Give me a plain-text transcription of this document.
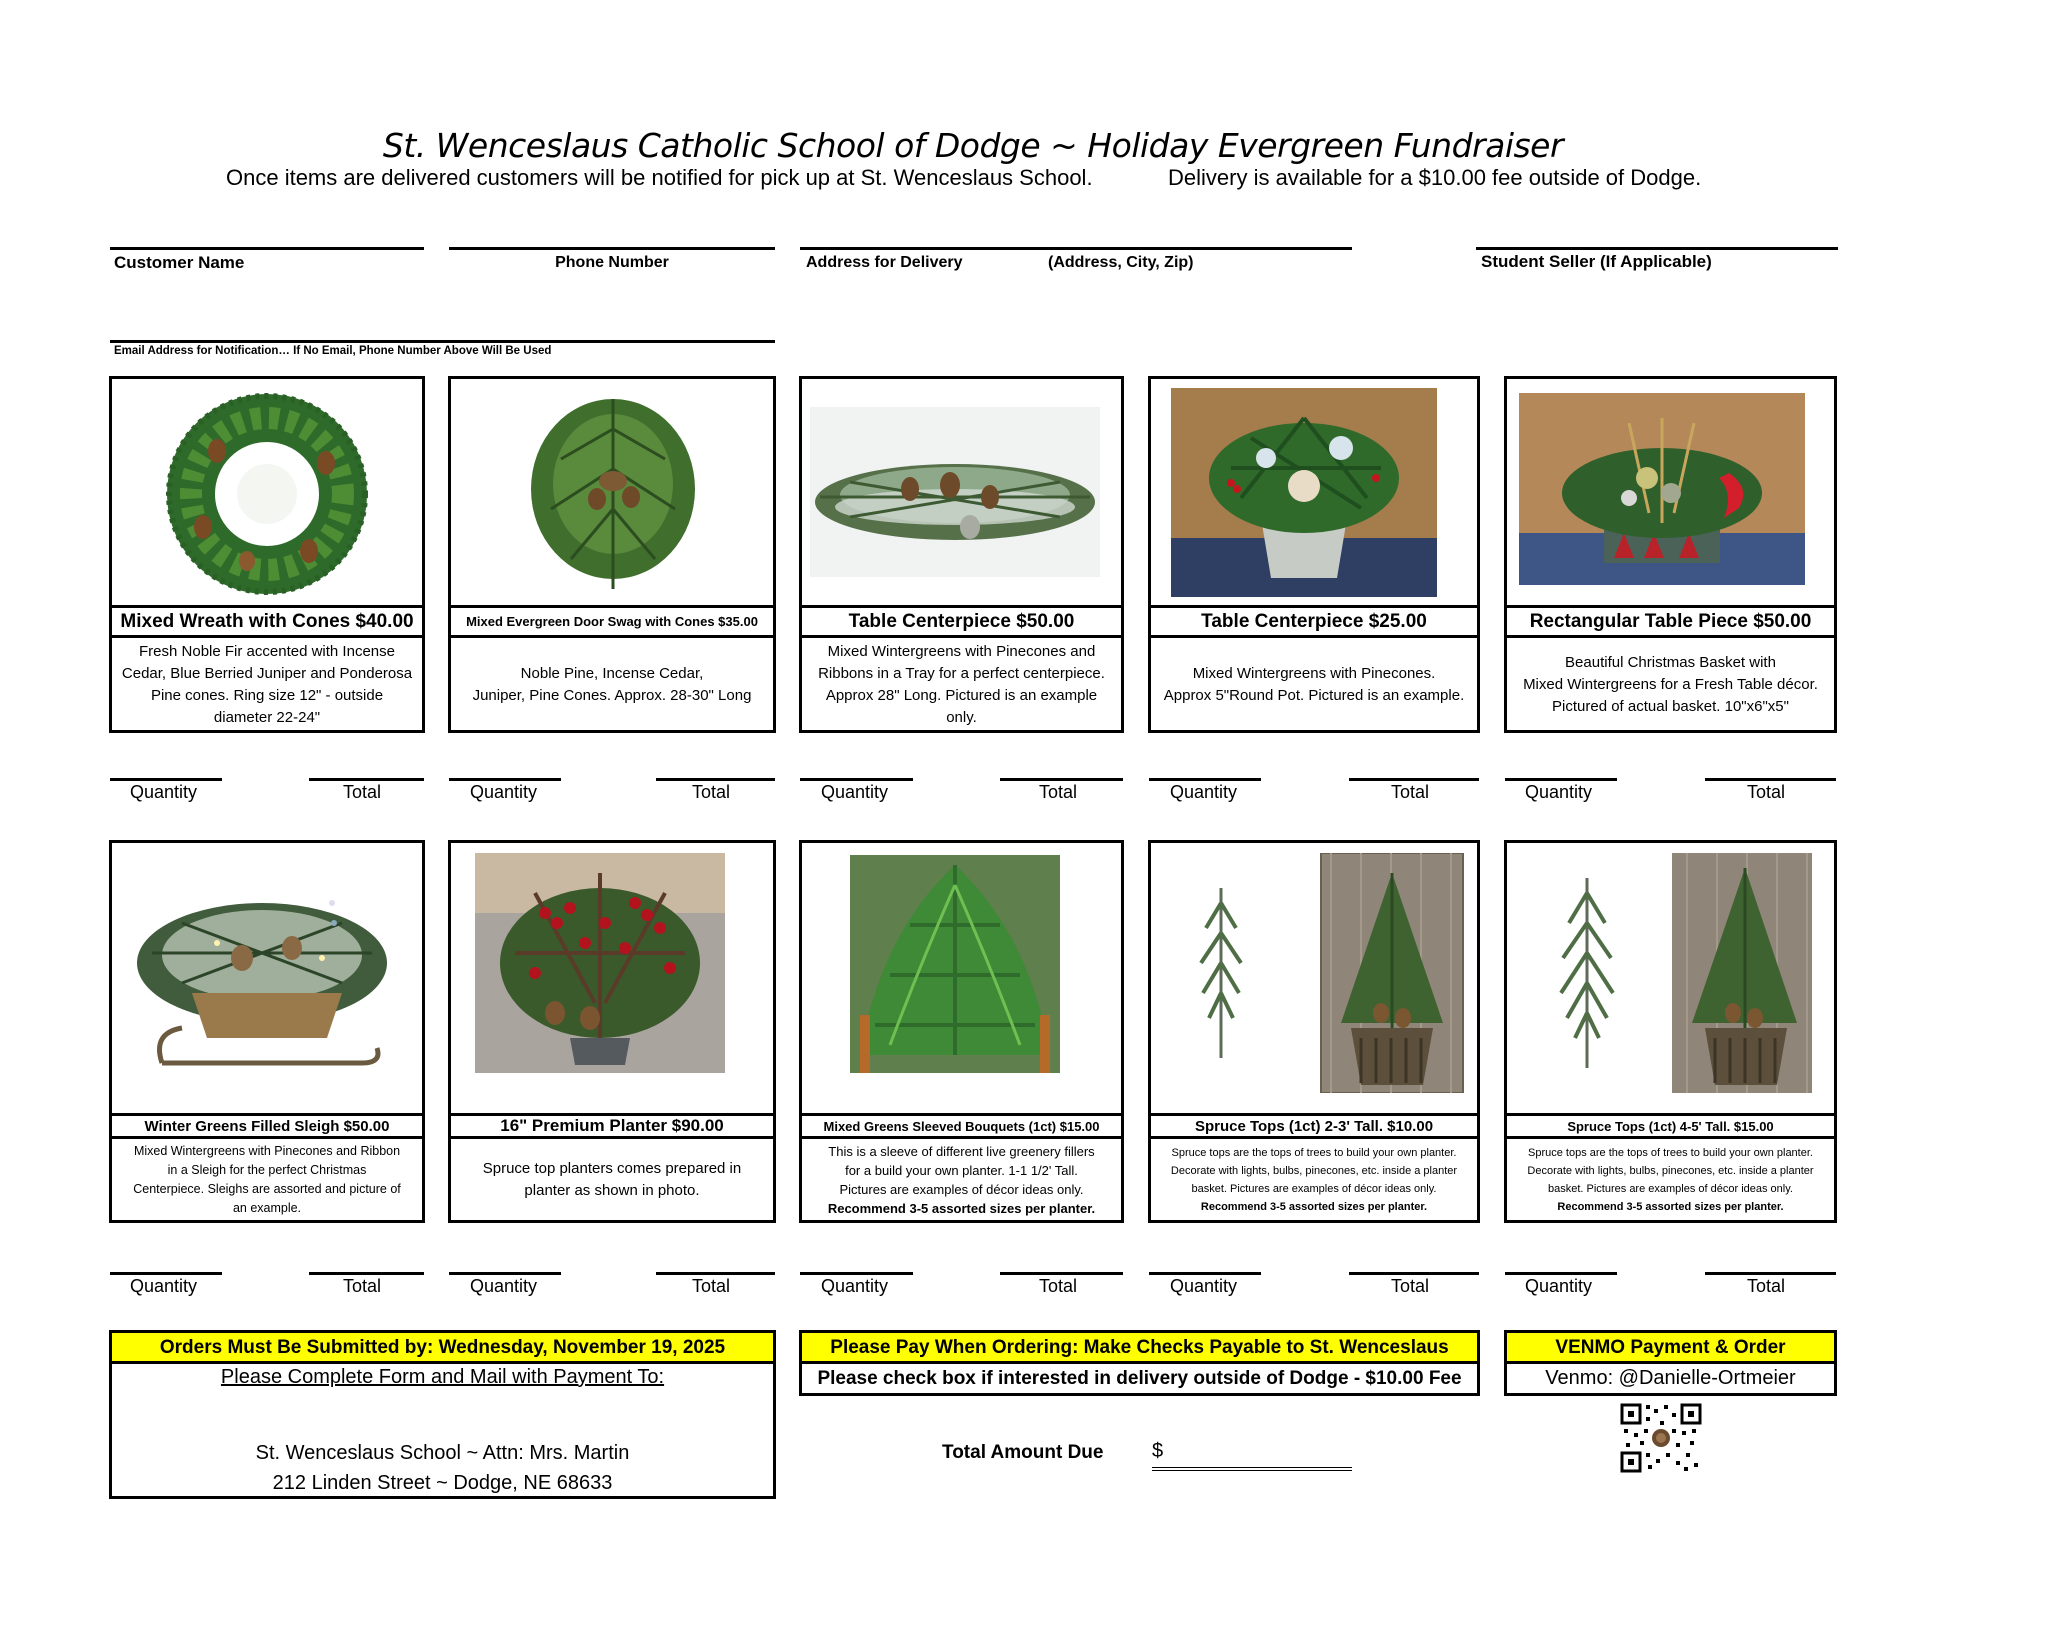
St. Wenceslaus Catholic School of Dodge ~ Holiday Evergreen Fundraiser
Once items are delivered customers will be notified for pick up at St. Wenceslaus School.	Delivery is available for a $10.00 fee outside of Dodge.
Customer Name	Phone Number	Address for Delivery	(Address, City, Zip)	Student Seller (If Applicable)
Email Address for Notification… If No Email, Phone Number Above Will Be Used
Mixed Wreath with Cones $40.00
Fresh Noble Fir accented with Incense
Cedar, Blue Berried Juniper and Ponderosa
Pine cones. Ring size 12" - outside
diameter 22-24"
Mixed Evergreen Door Swag with Cones $35.00
Noble Pine, Incense Cedar,
Juniper, Pine Cones. Approx. 28-30" Long
Table Centerpiece $50.00
Mixed Wintergreens with Pinecones and
Ribbons in a Tray for a perfect centerpiece.
Approx 28" Long. Pictured is an example
only.
Table Centerpiece $25.00
Mixed Wintergreens with Pinecones.
Approx 5"Round Pot. Pictured is an example.
Rectangular Table Piece $50.00
Beautiful Christmas Basket with
Mixed Wintergreens for a Fresh Table décor.
Pictured of actual basket. 10"x6"x5"
Quantity	Total	Quantity	Total	Quantity	Total	Quantity	Total	Quantity	Total
Winter Greens Filled Sleigh $50.00
Mixed Wintergreens with Pinecones and Ribbon
in a Sleigh for the perfect Christmas
Centerpiece. Sleighs are assorted and picture of
an example.
16" Premium Planter $90.00
Spruce top planters comes prepared in
planter as shown in photo.
Mixed Greens Sleeved Bouquets (1ct) $15.00
This is a sleeve of different live greenery fillers
for a build your own planter. 1-1 1/2' Tall.
Pictures are examples of décor ideas only.
Recommend 3-5 assorted sizes per planter.
Spruce Tops (1ct) 2-3' Tall. $10.00
Spruce tops are the tops of trees to build your own planter.
Decorate with lights, bulbs, pinecones, etc. inside a planter
basket. Pictures are examples of décor ideas only.
Recommend 3-5 assorted sizes per planter.
Spruce Tops (1ct) 4-5' Tall. $15.00
Spruce tops are the tops of trees to build your own planter.
Decorate with lights, bulbs, pinecones, etc. inside a planter
basket. Pictures are examples of décor ideas only.
Recommend 3-5 assorted sizes per planter.
Quantity	Total	Quantity	Total	Quantity	Total	Quantity	Total	Quantity	Total
Orders Must Be Submitted by: Wednesday, November 19, 2025
Please Complete Form and Mail with Payment To:
St. Wenceslaus School ~ Attn: Mrs. Martin
212 Linden Street ~ Dodge, NE 68633
Please Pay When Ordering: Make Checks Payable to St. Wenceslaus
Please check box if interested in delivery outside of Dodge - $10.00 Fee
Total Amount Due $
VENMO Payment & Order
Venmo: @Danielle-Ortmeier
